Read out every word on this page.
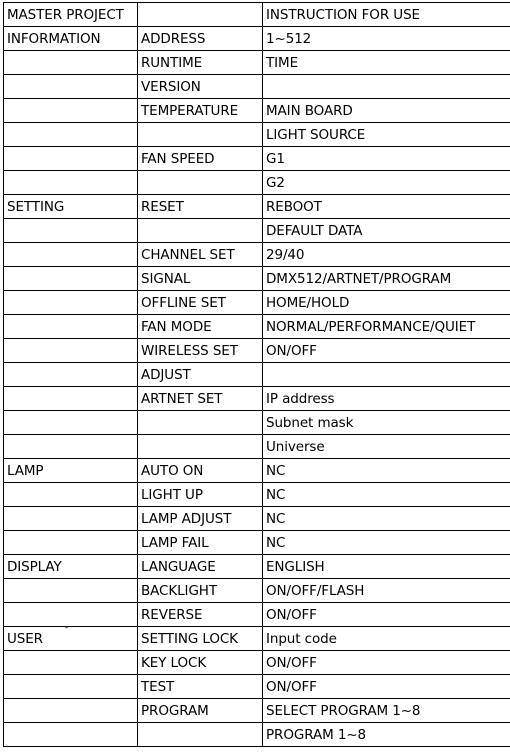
MASTER PROJECT		INSTRUCTION FOR USE
INFORMATION	ADDRESS	1~512
	RUNTIME	TIME
	VERSION	
	TEMPERATURE	MAIN BOARD
		LIGHT SOURCE
	FAN SPEED	G1
		G2
SETTING	RESET	REBOOT
		DEFAULT DATA
	CHANNEL SET	29/40
	SIGNAL	DMX512/ARTNET/PROGRAM
	OFFLINE SET	HOME/HOLD
	FAN MODE	NORMAL/PERFORMANCE/QUIET
	WIRELESS SET	ON/OFF
	ADJUST	
	ARTNET SET	IP address
		Subnet mask
		Universe
LAMP	AUTO ON	NC
	LIGHT UP	NC
	LAMP ADJUST	NC
	LAMP FAIL	NC
DISPLAY	LANGUAGE	ENGLISH
	BACKLIGHT	ON/OFF/FLASH
	REVERSE	ON/OFF
USER	SETTING LOCK	Input code
	KEY LOCK	ON/OFF
	TEST	ON/OFF
	PROGRAM	SELECT PROGRAM 1~8
		PROGRAM 1~8
-
